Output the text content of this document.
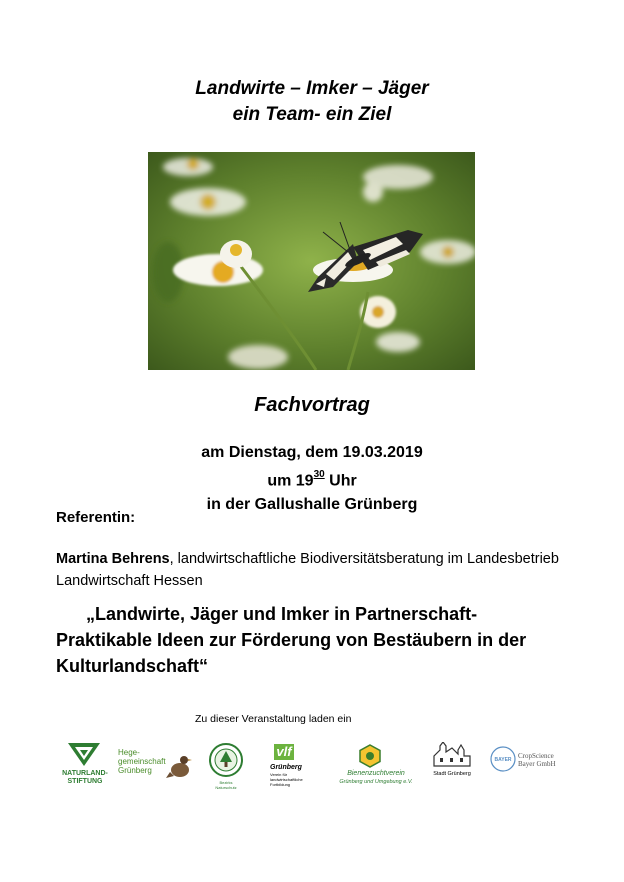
Landwirte – Imker – Jäger
ein Team- ein Ziel
Fachvortrag
am Dienstag, dem 19.03.2019
um $19^{30}$ Uhr
in der Gallushalle Grünberg
Referentin:
Martina Behrens, landwirtschaftliche Biodiversitätsberatung im Landesbetrieb Landwirtschaft Hessen
„Landwirte, Jäger und Imker in Partnerschaft- Praktikable Ideen zur Förderung von Bestäubern in der Kulturlandschaft“
Zu dieser Veranstaltung laden ein
NATURLAND-
STIFTUNG
Hege-
gemeinschaft
Grünberg
Bezirks
Naturschutz
vlf
Grünberg
Verein für
landwirtschaftliche
Fortbildung
Bienenzuchtverein
Grünberg und Umgebung e.V.
Stadt Grünberg
BAYER CropScience
Bayer GmbH
